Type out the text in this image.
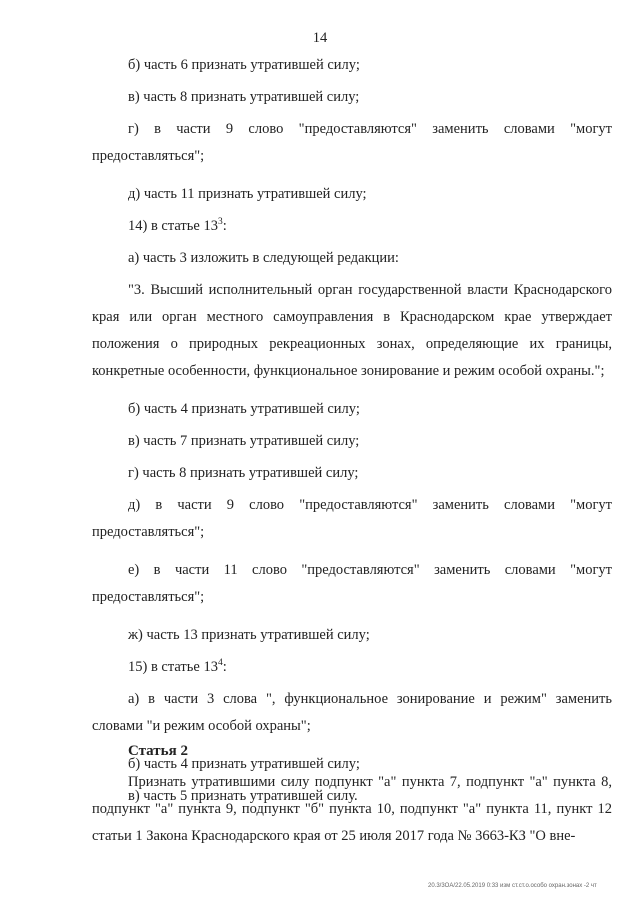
14

б) часть 6 признать утратившей силу;

в) часть 8 признать утратившей силу;

г) в части 9 слово "предоставляются" заменить словами "могут предоставляться";

д) часть 11 признать утратившей силу;

14) в статье $13^3$:

а) часть 3 изложить в следующей редакции:

"3. Высший исполнительный орган государственной власти Краснодарского края или орган местного самоуправления в Краснодарском крае утверждает положения о природных рекреационных зонах, определяющие их границы, конкретные особенности, функциональное зонирование и режим особой охраны.";

б) часть 4 признать утратившей силу;

в) часть 7 признать утратившей силу;

г) часть 8 признать утратившей силу;

д) в части 9 слово "предоставляются" заменить словами "могут предоставляться";

е) в части 11 слово "предоставляются" заменить словами "могут предоставляться";

ж) часть 13 признать утратившей силу;

15) в статье $13^4$:

а) в части 3 слова ", функциональное зонирование и режим" заменить словами "и режим особой охраны";

б) часть 4 признать утратившей силу;

в) часть 5 признать утратившей силу.

Статья 2

Признать утратившими силу подпункт "а" пункта 7, подпункт "а" пункта 8, подпункт "а" пункта 9, подпункт "б" пункта 10, подпункт "а" пункта 11, пункт 12 статьи 1 Закона Краснодарского края от 25 июля 2017 года № 3663-КЗ "О вне-

20.3/3OA/22.05.2019 0:33 изм ст.ст.о.особо охран.зонах -2 чт
